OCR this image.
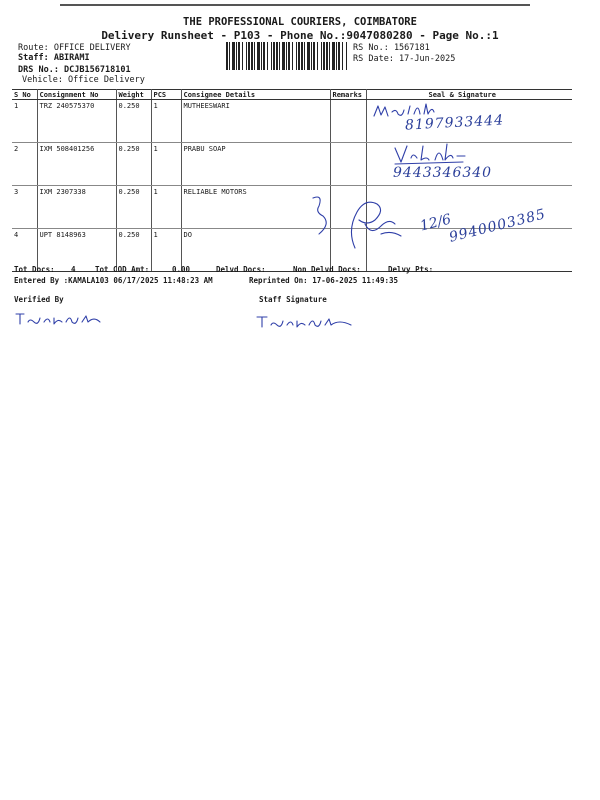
THE PROFESSIONAL COURIERS, COIMBATORE
Delivery Runsheet - P103 - Phone No.:9047080280 - Page No.:1
Route: OFFICE DELIVERY
Staff: ABIRAMI
DRS No.: DCJB156718101
Vehicle: Office Delivery
RS No.: 1567181
RS Date: 17-Jun-2025
S No	Consignment No	Weight	PCS	Consignee Details	Remarks	Seal & Signature
1	TRZ 240575370	0.250	1	MUTHEESWARI		
2	IXM 508401256	0.250	1	PRABU SOAP		
3	IXM 2307338	0.250	1	RELIABLE MOTORS		
4	UPT 8148963	0.250	1	DO		
8197933444
9443346340
12/6
9940003385
Tot Docs: 4	Tot COD Amt:	0.00	Delvd Docs:	Non Delvd Docs:	Delvy Pts:
Entered By :KAMALA103 06/17/2025 11:48:23 AM	Reprinted On: 17-06-2025 11:49:35
Verified By	Staff Signature
